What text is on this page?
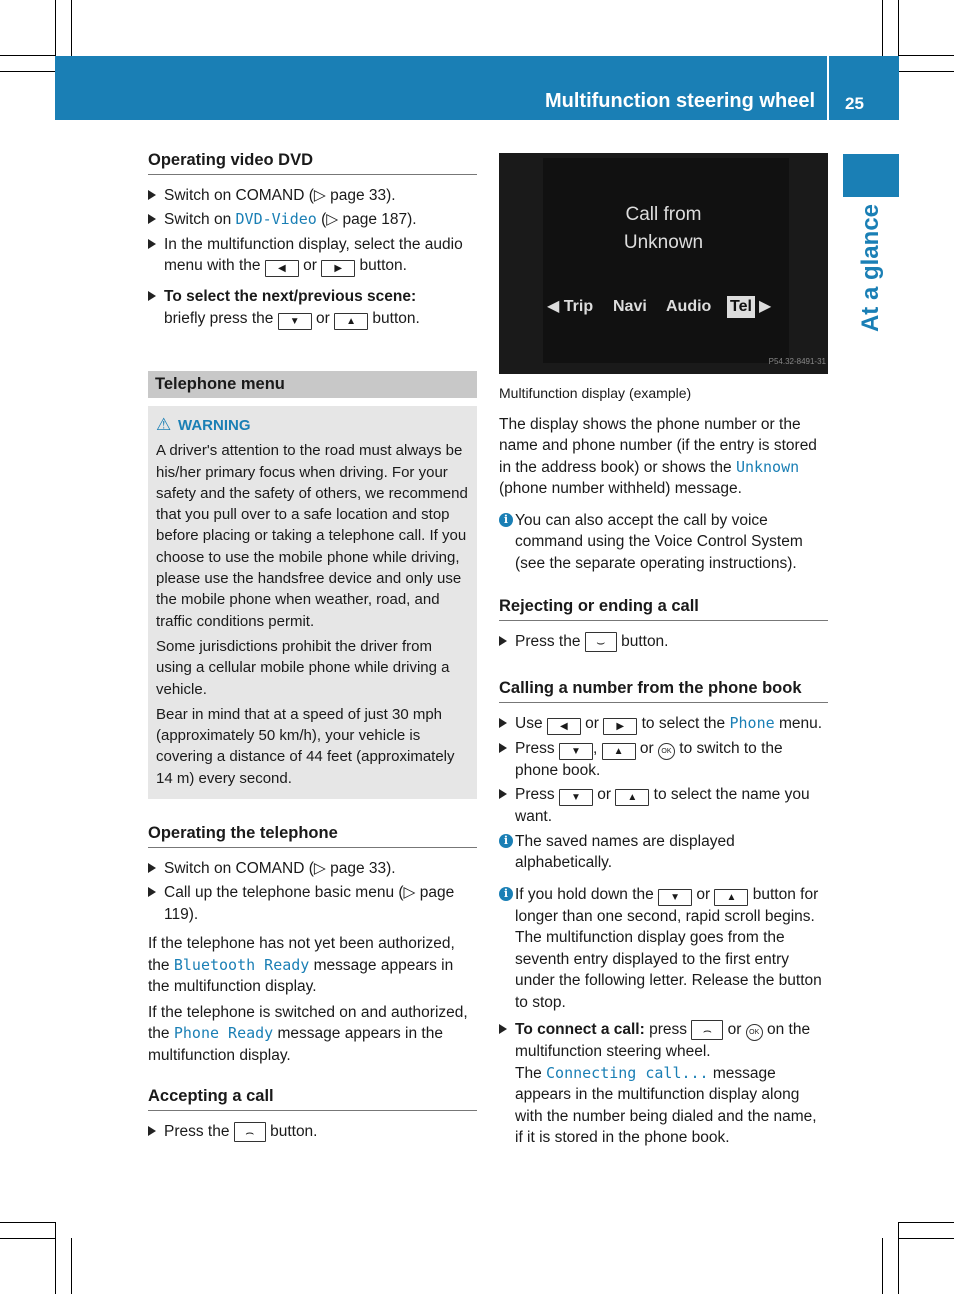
Multifunction steering wheel 25
At a glance
Operating video DVD
Switch on COMAND (▷ page 33).
Switch on DVD-Video (▷ page 187).
In the multifunction display, select the audio menu with the ◀ or ▶ button.
To select the next/previous scene:
briefly press the ▼ or ▲ button.
Telephone menu
⚠ WARNING

A driver's attention to the road must always be his/her primary focus when driving. For your safety and the safety of others, we recommend that you pull over to a safe location and stop before placing or taking a telephone call. If you choose to use the mobile phone while driving, please use the handsfree device and only use the mobile phone when weather, road, and traffic conditions permit.

Some jurisdictions prohibit the driver from using a cellular mobile phone while driving a vehicle.

Bear in mind that at a speed of just 30 mph (approximately 50 km/h), your vehicle is covering a distance of 44 feet (approximately 14 m) every second.

Operating the telephone
Switch on COMAND (▷ page 33).
Call up the telephone basic menu (▷ page 119).

If the telephone has not yet been authorized, the Bluetooth Ready message appears in the multifunction display.

If the telephone is switched on and authorized, the Phone Ready message appears in the multifunction display.

Accepting a call
Press the ⌢ button.
Call from
Unknown
◀ Trip Navi Audio Tel ▶
P54.32-8491-31
Multifunction display (example)

The display shows the phone number or the name and phone number (if the entry is stored in the address book) or shows the Unknown (phone number withheld) message.

i You can also accept the call by voice command using the Voice Control System (see the separate operating instructions).
Rejecting or ending a call
Press the ⌣ button.
Calling a number from the phone book
Use ◀ or ▶ to select the Phone menu.
Press ▼ , ▲ or OK to switch to the phone book.
Press ▼ or ▲ to select the name you want.
i The saved names are displayed alphabetically.
i If you hold down the ▼ or ▲ button for longer than one second, rapid scroll begins. The multifunction display goes from the seventh entry displayed to the first entry under the following letter. Release the button to stop.
To connect a call: press ⌢ or OK on the multifunction steering wheel.
The Connecting call... message appears in the multifunction display along with the number being dialed and the name, if it is stored in the phone book.
